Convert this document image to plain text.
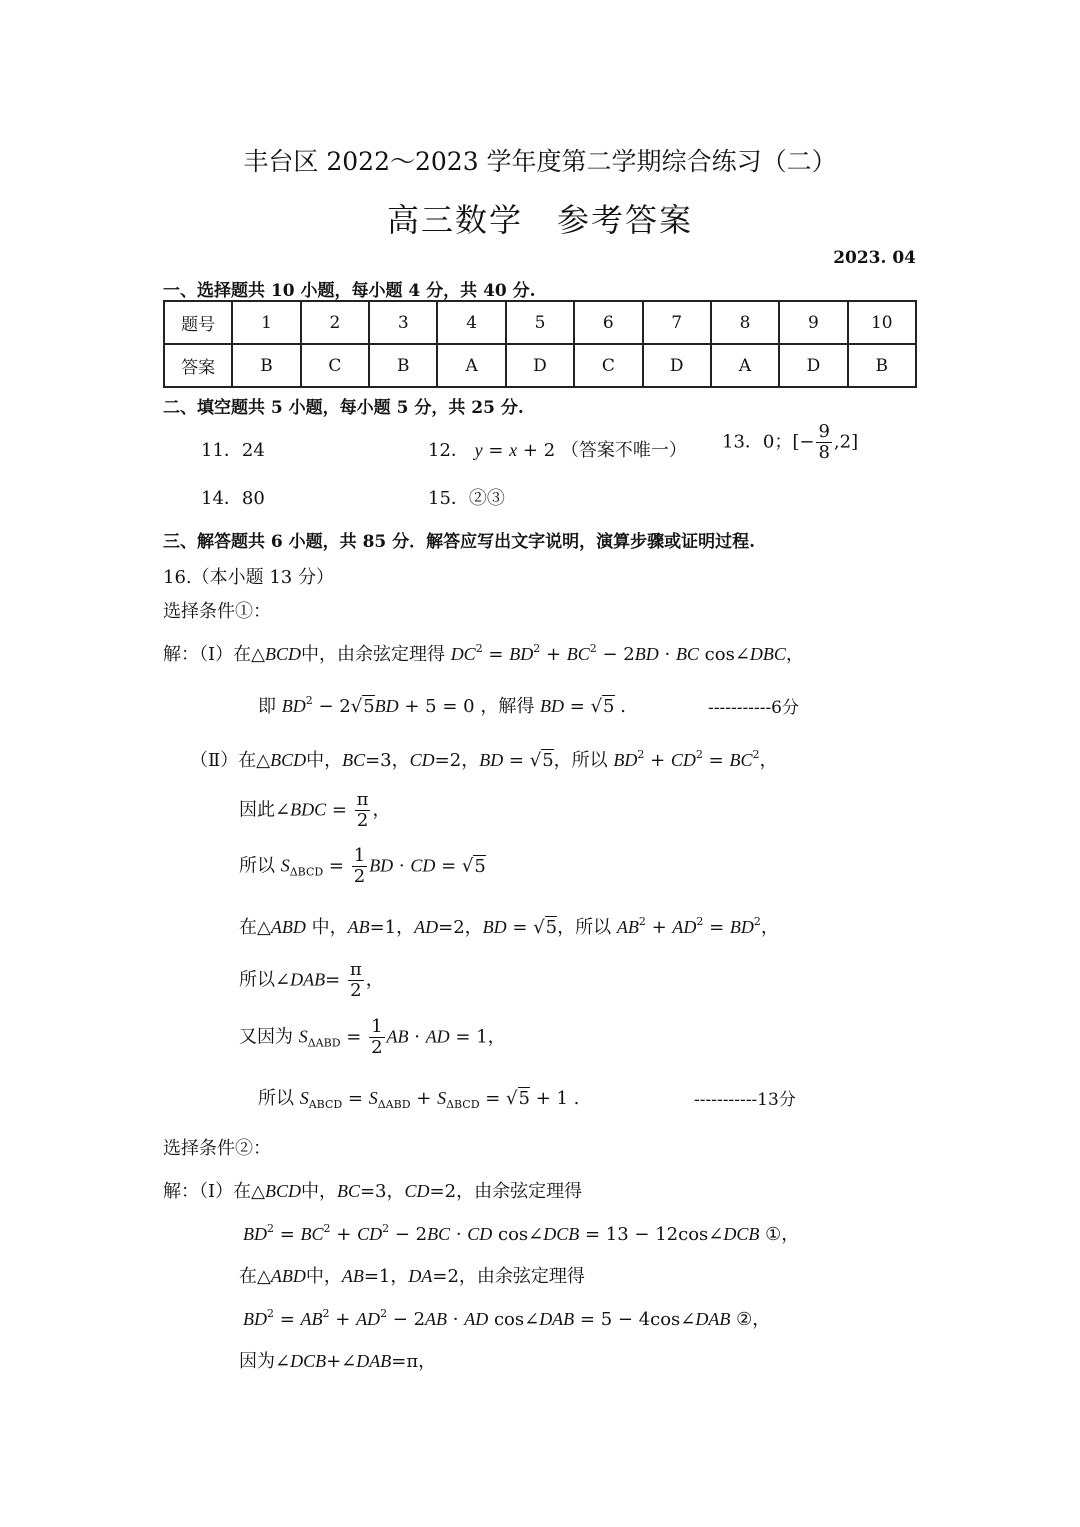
丰台区 2022～2023 学年度第二学期综合练习（二）
高三数学　参考答案
2023. 04
一、选择题共 10 小题，每小题 4 分，共 40 分.
题号	1	2	3	4	5	6	7	8	9	10
答案	B	C	B	A	D	C	D	A	D	B
二、填空题共 5 小题，每小题 5 分，共 25 分.
11．24	12． y = x + 2 （答案不唯一） 13．0；[− $\frac{9}{8} ,2$]
14．80	15．②③
三、解答题共 6 小题，共 85 分．解答应写出文字说明，演算步骤或证明过程.
16.（本小题 13 分）
选择条件①：
解：（Ⅰ）在△BCD中，由余弦定理得 $DC^2 = BD^2 + BC^2 - 2BD$ · BC cos∠DBC，
即 $BD^2 - 2√5BD + 5 = 0$ ，解得 BD = √5 .	-----------6分
（Ⅱ）在△BCD中，BC=3，CD=2，BD = √5，所以 $BD^2 + CD^2 = BC^2$，
因此∠BDC = $\frac{\pi}{2}$ ，
所以 $S_{\Delta BCD} = \frac{1}{2}$ BD · CD = √5
在△ABD 中，AB=1，AD=2，BD = √5，所以 $AB^2 + AD^2 = BD^2$，
所以∠DAB= $\frac{\pi}{2}$ ，
又因为 $S_{\Delta ABD} = \frac{1}{2}$ AB · AD = 1，
所以 $S_{ABCD} = S_{\Delta ABD} + S_{\Delta BCD} = √5 + 1$ .	-----------13分
选择条件②：
解：（Ⅰ）在△BCD中，BC=3，CD=2，由余弦定理得
$BD^2 = BC^2 + CD^2 - 2BC$ · CD cos∠DCB = 13 − 12cos∠DCB ①，
在△ABD中，AB=1，DA=2，由余弦定理得
$BD^2 = AB^2 + AD^2 - 2AB$ · AD cos∠DAB = 5 − 4cos∠DAB ②，
因为∠DCB+∠DAB=π，
